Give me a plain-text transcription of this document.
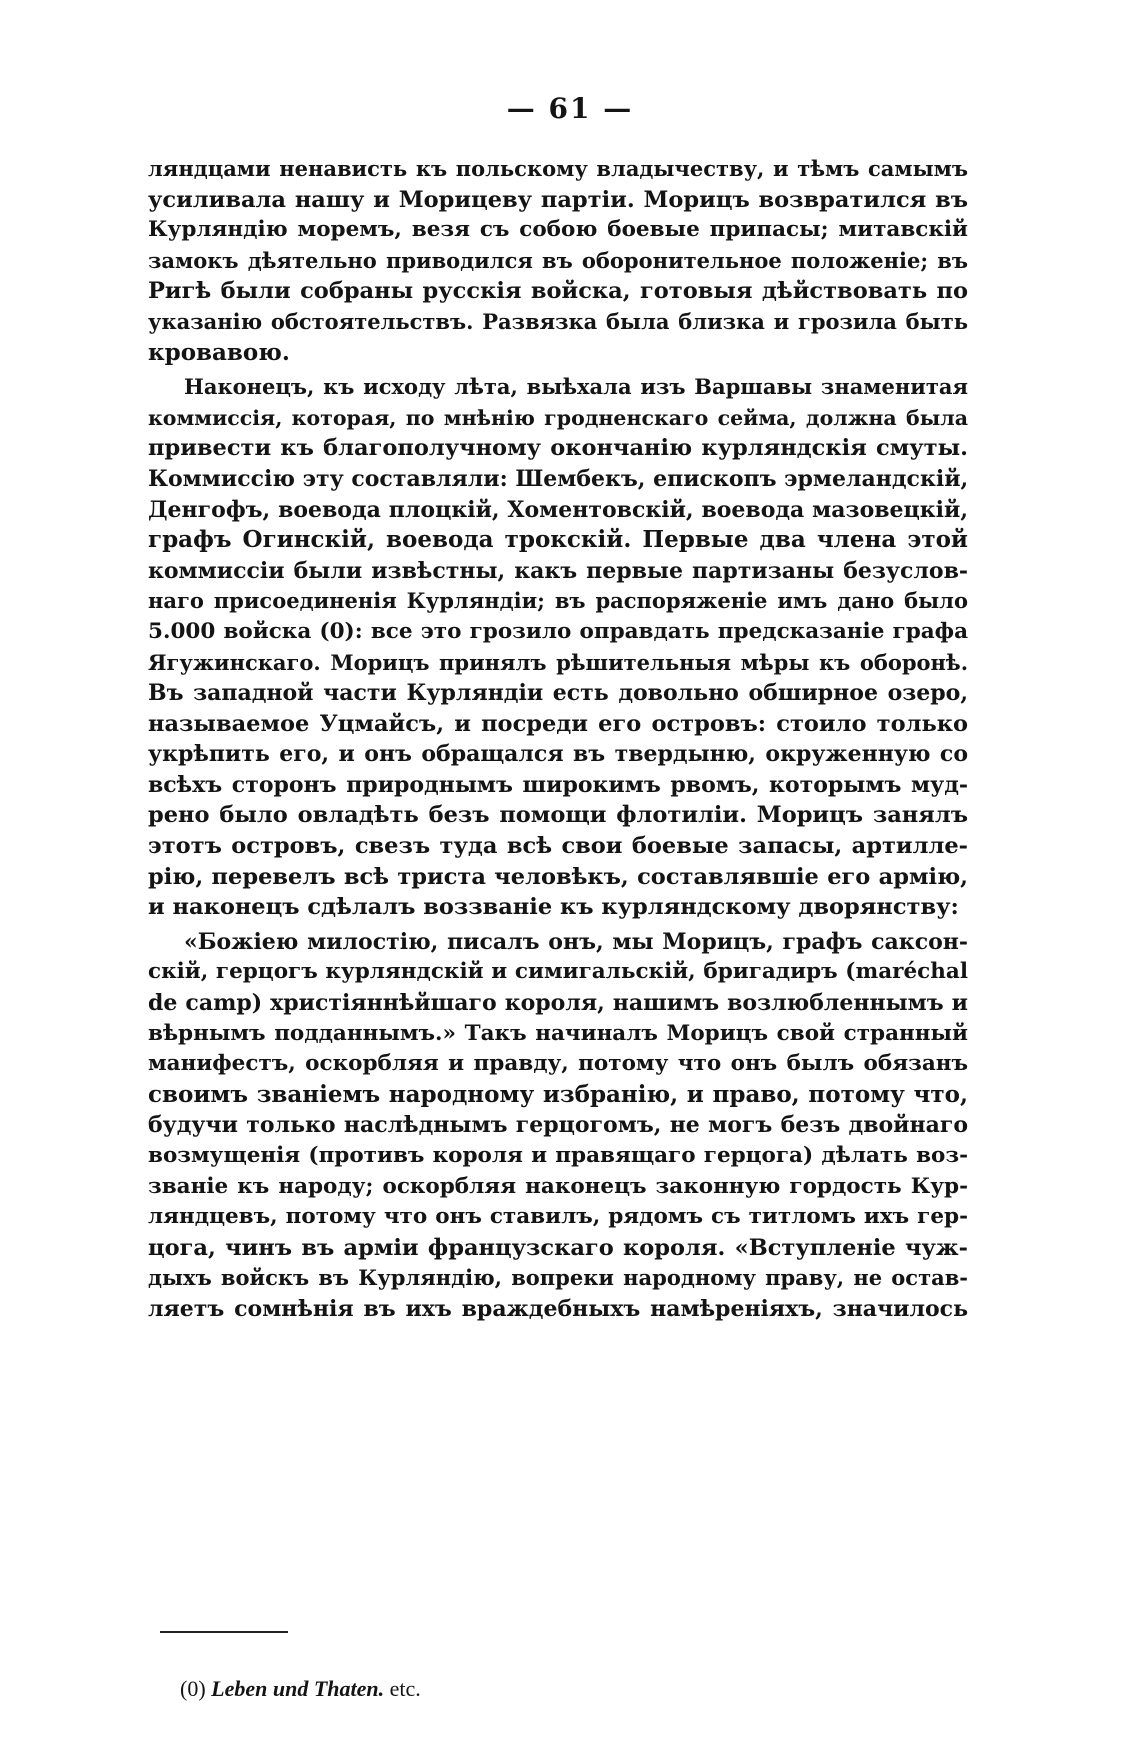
— 61 —
ляндцами ненависть къ польскому владычеству, и тѣмъ самымъ
усиливала нашу и Морицеву партіи. Морицъ возвратился въ
Курляндію моремъ, везя съ собою боевые припасы; митавскій
замокъ дѣятельно приводился въ оборонительное положеніе; въ
Ригѣ были собраны русскія войска, готовыя дѣйствовать по
указанію обстоятельствъ. Развязка была близка и грозила быть
кровавою.
Наконецъ, къ исходу лѣта, выѣхала изъ Варшавы знаменитая
коммиссія, которая, по мнѣнію гродненскаго сейма, должна была
привести къ благополучному окончанію курляндскія смуты.
Коммиссію эту составляли: Шембекъ, епископъ эрмеландскій,
Денгофъ, воевода плоцкій, Хоментовскій, воевода мазовецкій,
графъ Огинскій, воевода трокскій. Первые два члена этой
коммиссіи были извѣстны, какъ первые партизаны безуслов-
наго присоединенія Курляндіи; въ распоряженіе имъ дано было
5.000 войска (0): все это грозило оправдать предсказаніе графа
Ягужинскаго. Морицъ принялъ рѣшительныя мѣры къ оборонѣ.
Въ западной части Курляндіи есть довольно обширное озеро,
называемое Уцмайсъ, и посреди его островъ: стоило только
укрѣпить его, и онъ обращался въ твердыню, окруженную со
всѣхъ сторонъ природнымъ широкимъ рвомъ, которымъ муд-
рено было овладѣть безъ помощи флотиліи. Морицъ занялъ
этотъ островъ, свезъ туда всѣ свои боевые запасы, артилле-
рію, перевелъ всѣ триста человѣкъ, составлявшіе его армію,
и наконецъ сдѣлалъ воззваніе къ курляндскому дворянству:
«Божіею милостію, писалъ онъ, мы Морицъ, графъ саксон-
скій, герцогъ курляндскій и симигальскій, бригадиръ (maréchal
de camp) христіяннѣйшаго короля, нашимъ возлюбленнымъ и
вѣрнымъ подданнымъ.» Такъ начиналъ Морицъ свой странный
манифестъ, оскорбляя и правду, потому что онъ былъ обязанъ
своимъ званіемъ народному избранію, и право, потому что,
будучи только наслѣднымъ герцогомъ, не могъ безъ двойнаго
возмущенія (противъ короля и правящаго герцога) дѣлать воз-
званіе къ народу; оскорбляя наконецъ законную гордость Кур-
ляндцевъ, потому что онъ ставилъ, рядомъ съ титломъ ихъ гер-
цога, чинъ въ арміи французскаго короля. «Вступленіе чуж-
дыхъ войскъ въ Курляндію, вопреки народному праву, не остав-
ляетъ сомнѣнія въ ихъ враждебныхъ намѣреніяхъ, значилось
(0) Leben und Thaten. etc.
